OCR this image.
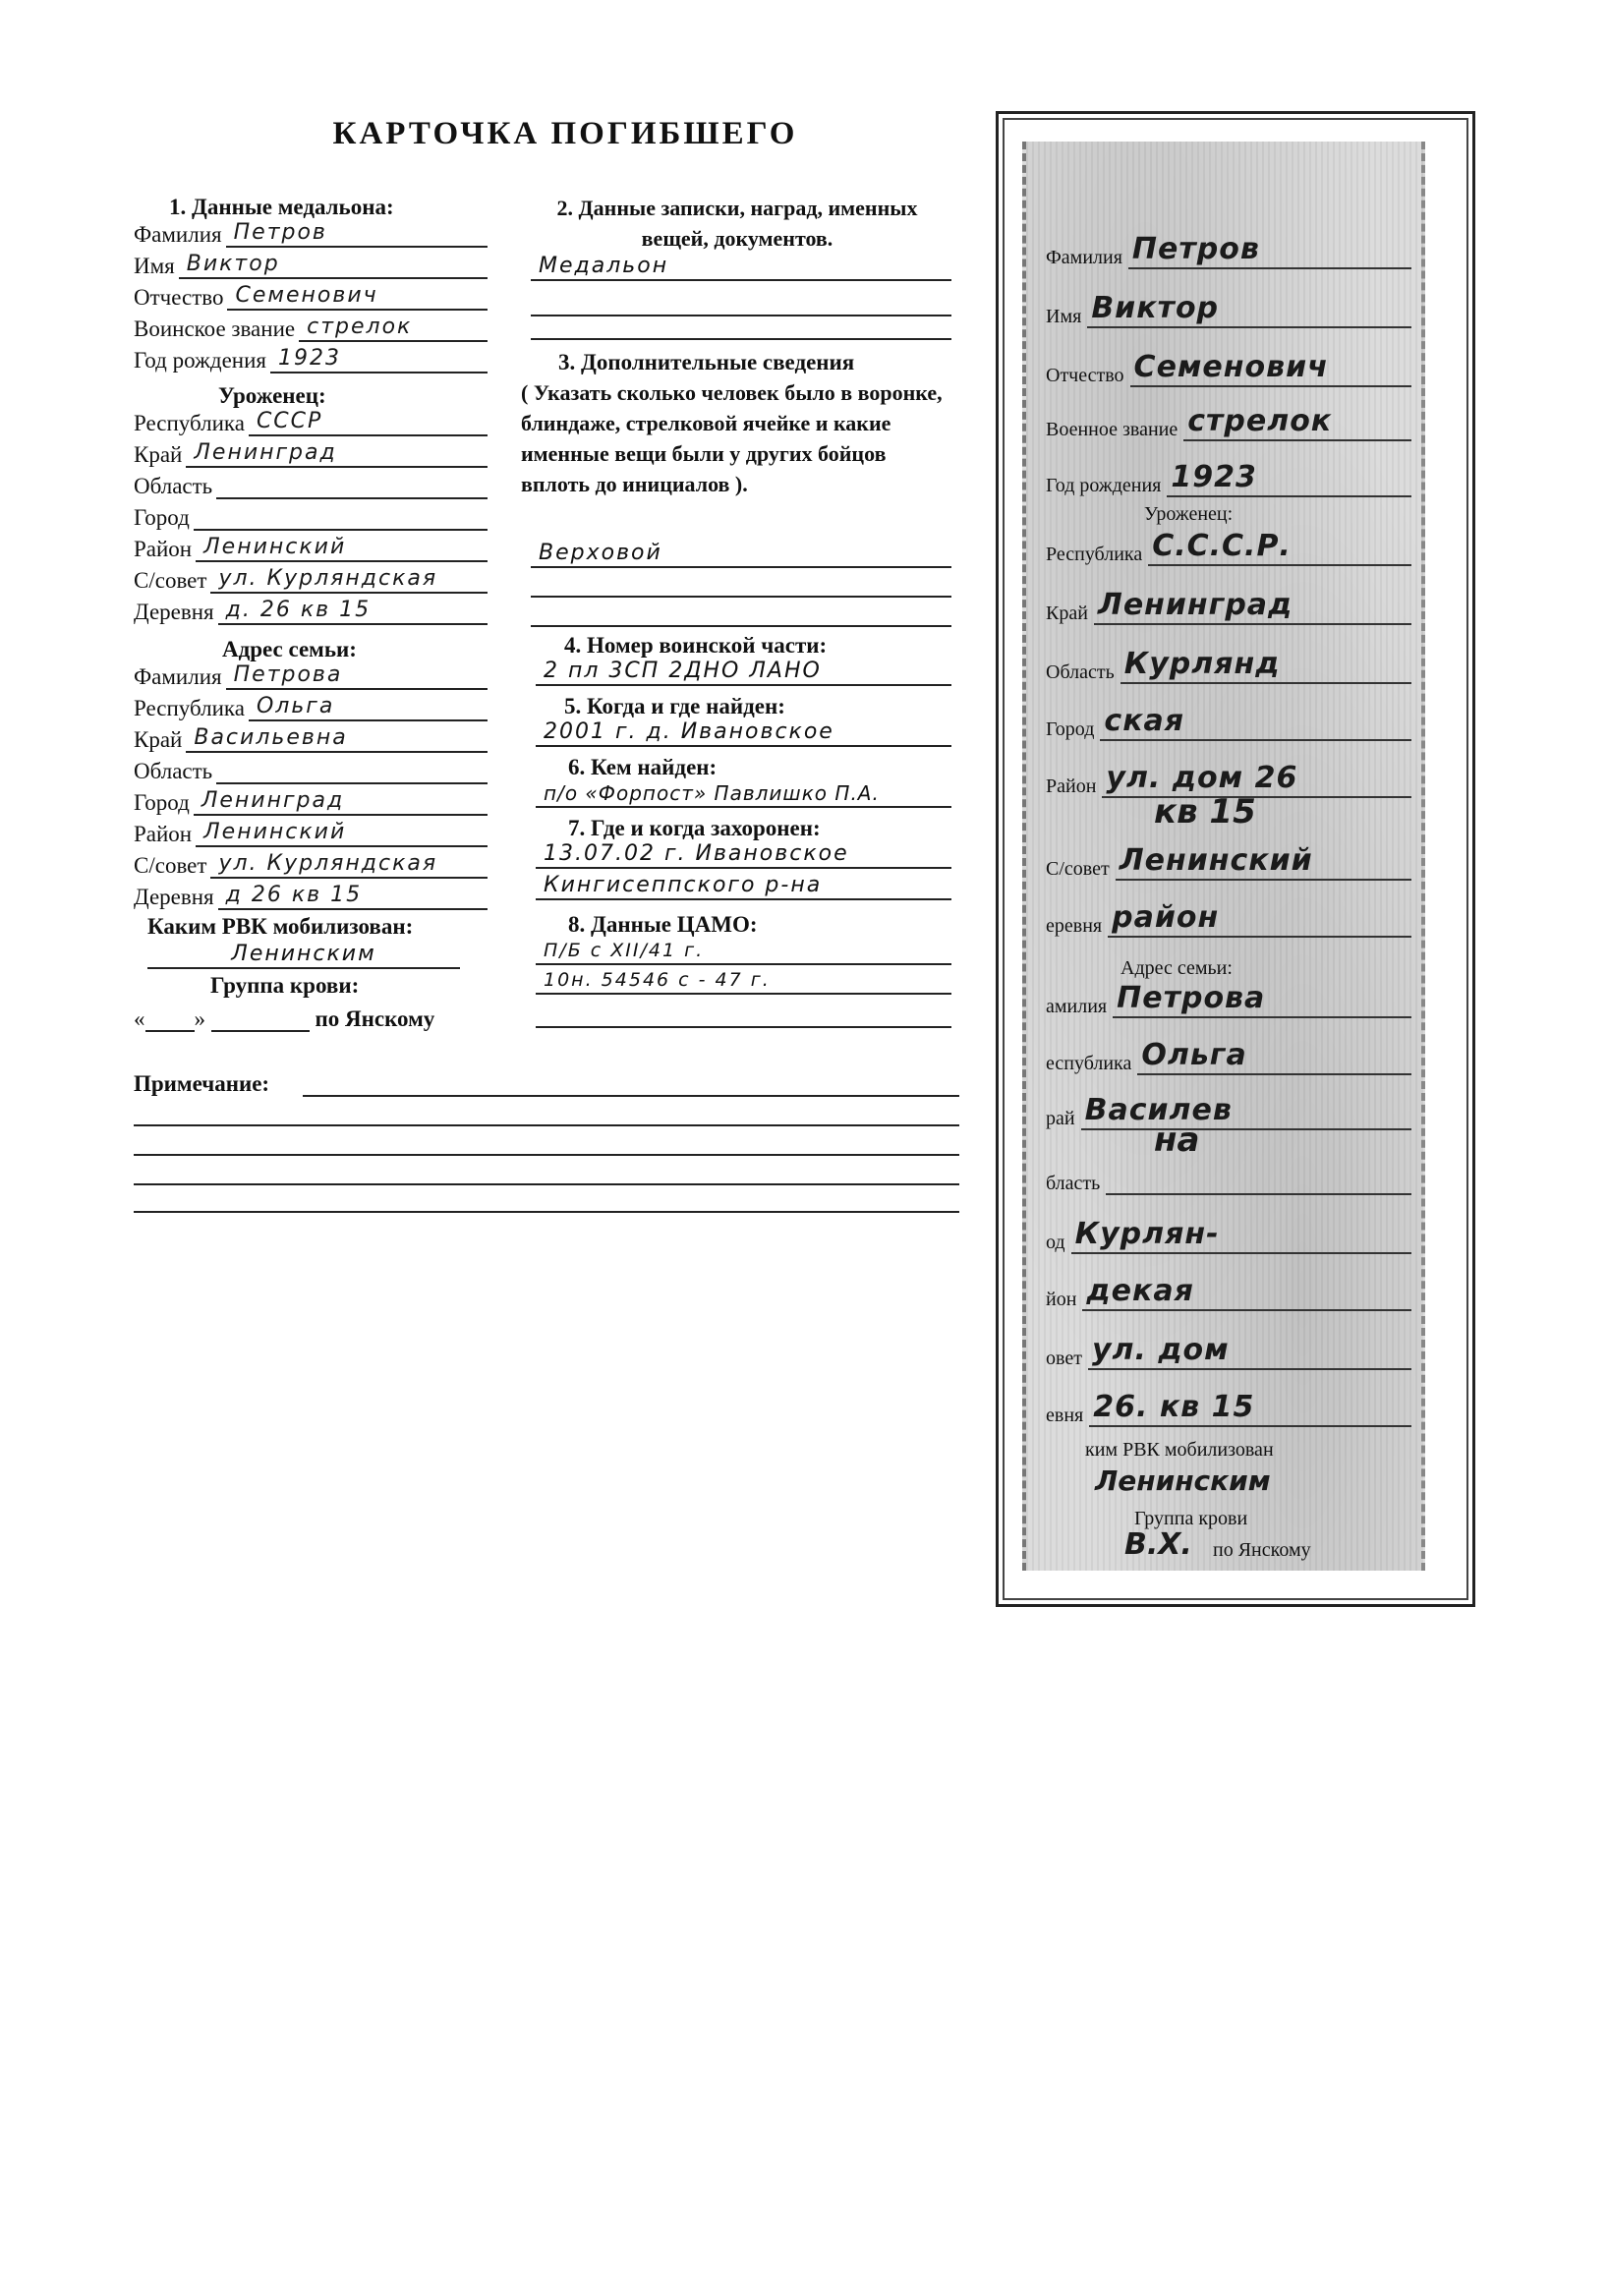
КАРТОЧКА ПОГИБШЕГО
1. Данные медальона:
Фамилия Петров
Имя Виктор
Отчество Семенович
Воинское звание стрелок
Год рождения 1923
Уроженец:
Республика СССР
Край Ленинград
Область
Город
Район Ленинский
С/совет ул. Курляндская
Деревня д. 26 кв 15
Адрес семьи:
Фамилия Петрова
Республика Ольга
Край Васильевна
Область
Город Ленинград
Район Ленинский
С/совет ул. Курляндская
Деревня д 26 кв 15
Каким РВК мобилизован:
Ленинским
Группа крови:
« »	по Янскому
2. Данные записки, наград, именных вещей, документов.
Медальон
3. Дополнительные сведения
( Указать сколько человек было в воронке, блиндаже, стрелковой ячейке и какие именные вещи были у других бойцов вплоть до инициалов ).
Верховой
4. Номер воинской части:
2 пл 3СП 2ДНО ЛАНО
5. Когда и где найден:
2001 г. д. Ивановское
6. Кем найден:
п/о «Форпост» Павлишко П.А.
7. Где и когда захоронен:
13.07.02 г. Ивановское
Кингисеппского р-на
8. Данные ЦАМО:
П/Б с XII/41 г.
10н. 54546 с - 47 г.
Примечание:
Фамилия Петров
Имя Виктор
Отчество Семенович
Военное звание стрелок
Год рождения 1923
Уроженец:
Республика С.С.С.Р.
Край Ленинград
Область Курлянд
Город ская
Район ул. дом 26
кв 15
С/совет Ленинский
еревня район
Адрес семьи:
амилия Петрова
еспублика Ольга
рай Василев
на
бласть
од Курлян-
йон декая
овет ул. дом
евня 26. кв 15
ким РВК мобилизован
Ленинским
Группа крови
В.Х. по Янскому
